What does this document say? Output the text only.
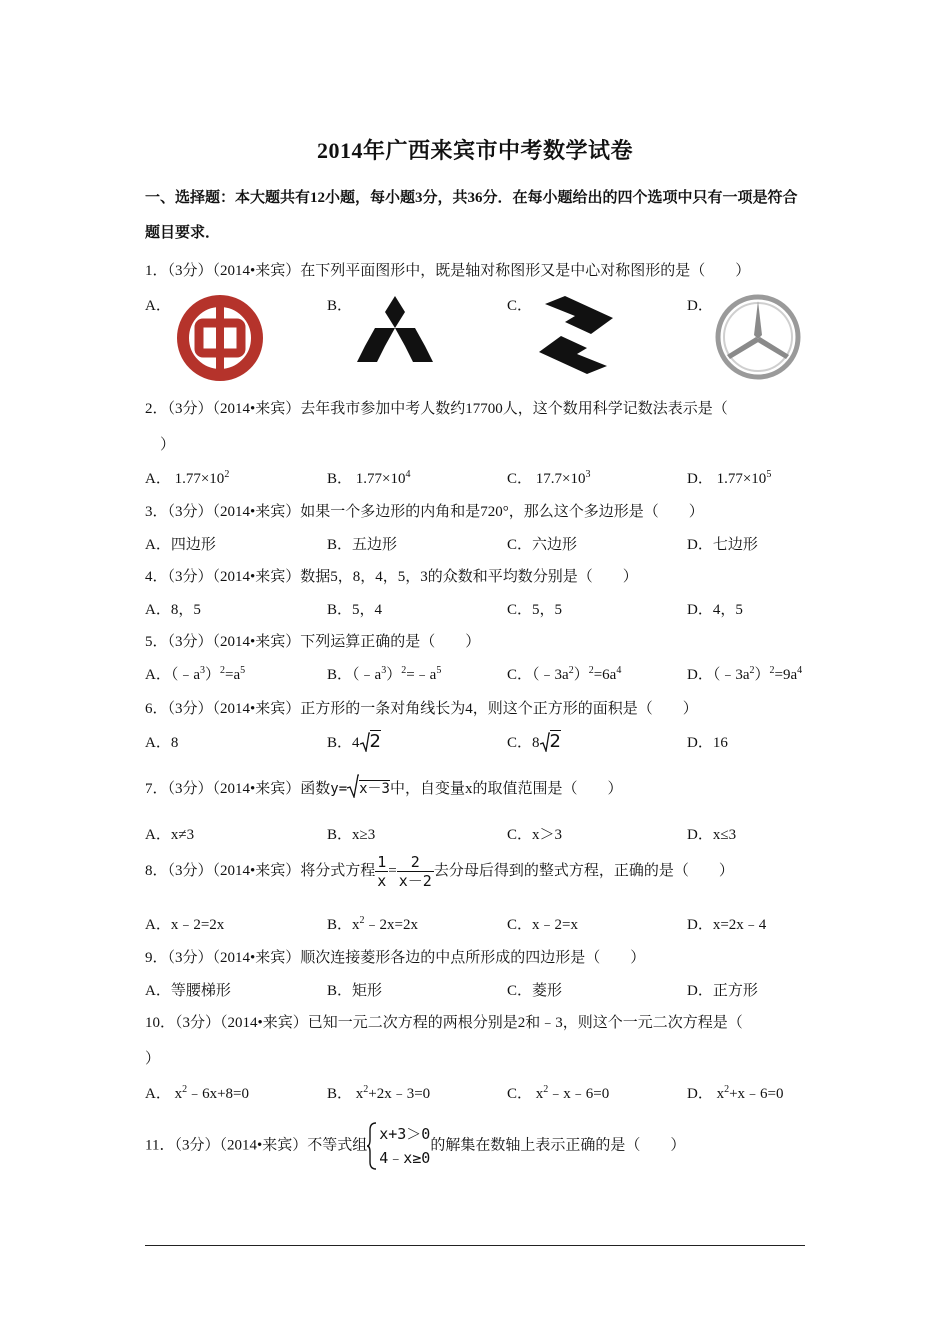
2014年广西来宾市中考数学试卷
一、选择题：本大题共有12小题，每小题3分，共36分．在每小题给出的四个选项中只有一项是符合题目要求．
1．（3分）（2014•来宾）在下列平面图形中，既是轴对称图形又是中心对称图形的是（　　）
A．	B．	C．	D．
2．（3分）（2014•来宾）去年我市参加中考人数约17700人，这个数用科学记数法表示是（
）
A． $1.77\times 10^2$	B． $1.77\times 10^4$	C． $17.7\times 10^3$	D． $1.77\times 10^5$
3．（3分）（2014•来宾）如果一个多边形的内角和是720°，那么这个多边形是（　　）
A．四边形	B．五边形	C．六边形	D．七边形
4．（3分）（2014•来宾）数据5，8，4，5，3的众数和平均数分别是（　　）
A．8，5	B．5，4	C．5，5	D．4，5
5．（3分）（2014•来宾）下列运算正确的是（　　）
A．$(﹣a^3)^2=a^5$	B．$(﹣a^3)^2=﹣a^5$	C．$(﹣3a^2)^2=6a^4$	D．$(﹣3a^2)^2=9a^4$
6．（3分）（2014•来宾）正方形的一条对角线长为4，则这个正方形的面积是（　　）
A．8	B．4 2	C．8 2	D．16
7．（3分）（2014•来宾）函数y= x－3中，自变量x的取值范围是（　　）
A．x≠3	B．x≥3	C．x＞3	D．x≤3
8．（3分）（2014•来宾）将分式方程 $\frac{1}{x} = \frac{2}{x-2}$ 去分母后得到的整式方程，正确的是（　　）
A．x﹣2=2x	B．$x^2﹣2x=2x$	C．x﹣2=x	D．x=2x﹣4
9．（3分）（2014•来宾）顺次连接菱形各边的中点所形成的四边形是（　　）
A．等腰梯形	B．矩形	C．菱形	D．正方形
10．（3分）（2014•来宾）已知一元二次方程的两根分别是2和﹣3，则这个一元二次方程是（
）
A． $x^2﹣6x+8=0$	B． $x^2+2x﹣3=0$	C． $x^2﹣x﹣6=0$	D． $x^2+x﹣6=0$
11．（3分）（2014•来宾）不等式组
x+3＞0
4﹣x≥0
的解集在数轴上表示正确的是（　　）
